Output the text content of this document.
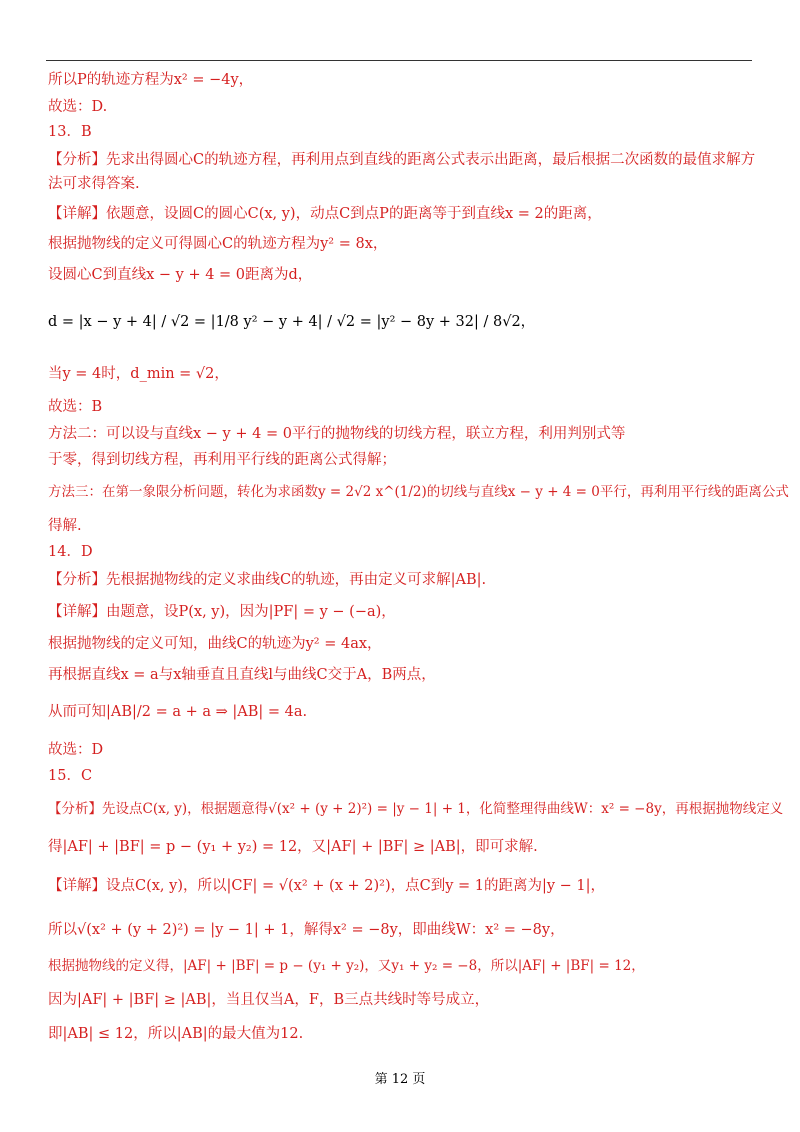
所以P的轨迹方程为x² = −4y，
故选：D.
13．B
【分析】先求出得圆心C的轨迹方程，再利用点到直线的距离公式表示出距离，最后根据二次函数的最值求解方
法可求得答案.
【详解】依题意，设圆C的圆心C(x, y)，动点C到点P的距离等于到直线x = 2的距离，
根据抛物线的定义可得圆心C的轨迹方程为y² = 8x，
设圆心C到直线x − y + 4 = 0距离为d，
d = |x − y + 4| / √2 = |1/8 y² − y + 4| / √2 = |y² − 8y + 32| / 8√2，
当y = 4时，d_min = √2，
故选：B
方法二：可以设与直线x − y + 4 = 0平行的抛物线的切线方程，联立方程，利用判别式等
于零，得到切线方程，再利用平行线的距离公式得解；
方法三：在第一象限分析问题，转化为求函数y = 2√2 x^(1/2)的切线与直线x − y + 4 = 0平行，再利用平行线的距离公式
得解.
14．D
【分析】先根据抛物线的定义求曲线C的轨迹，再由定义可求解|AB|.
【详解】由题意，设P(x, y)，因为|PF| = y − (−a)，
根据抛物线的定义可知，曲线C的轨迹为y² = 4ax，
再根据直线x = a与x轴垂直且直线l与曲线C交于A，B两点，
从而可知|AB|/2 = a + a ⇒ |AB| = 4a.
故选：D
15．C
【分析】先设点C(x, y)，根据题意得√(x² + (y + 2)²) = |y − 1| + 1，化简整理得曲线W：x² = −8y，再根据抛物线定义
得|AF| + |BF| = p − (y₁ + y₂) = 12，又|AF| + |BF| ≥ |AB|，即可求解.
【详解】设点C(x, y)，所以|CF| = √(x² + (x + 2)²)，点C到y = 1的距离为|y − 1|，
所以√(x² + (y + 2)²) = |y − 1| + 1，解得x² = −8y，即曲线W：x² = −8y，
根据抛物线的定义得，|AF| + |BF| = p − (y₁ + y₂)，又y₁ + y₂ = −8，所以|AF| + |BF| = 12，
因为|AF| + |BF| ≥ |AB|，当且仅当A，F，B三点共线时等号成立，
即|AB| ≤ 12，所以|AB|的最大值为12.
第 12 页
